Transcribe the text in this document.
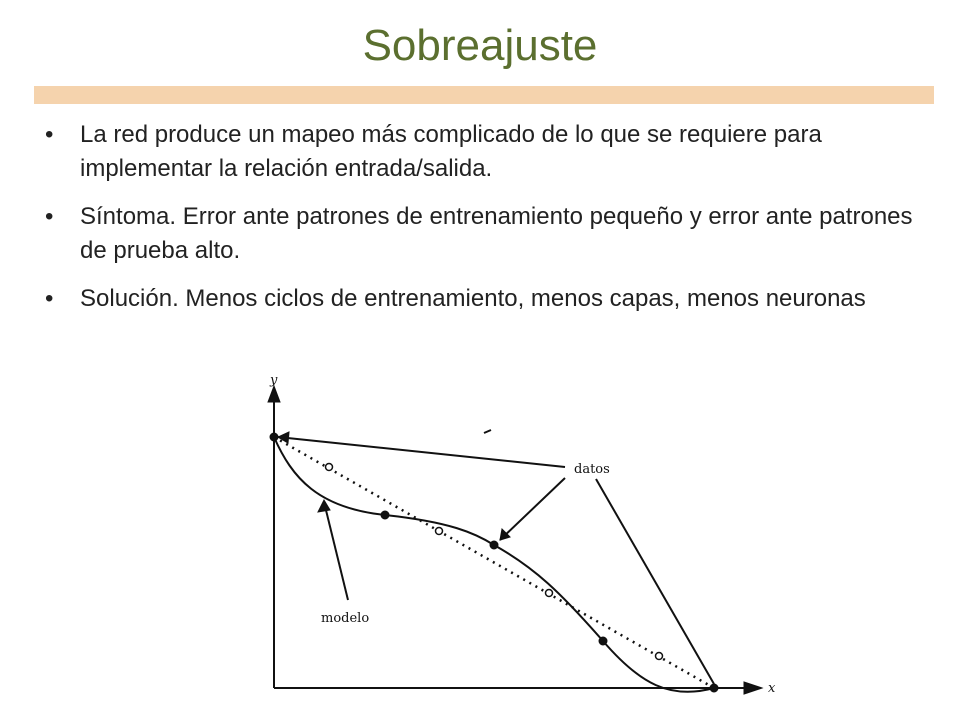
Sobreajuste
•	La red produce un mapeo más complicado de lo que se requiere para implementar la relación entrada/salida.
•	Síntoma. Error ante patrones de entrenamiento pequeño y error ante patrones de prueba alto.
•	Solución. Menos ciclos de entrenamiento, menos capas, menos neuronas
y
x
datos
modelo
